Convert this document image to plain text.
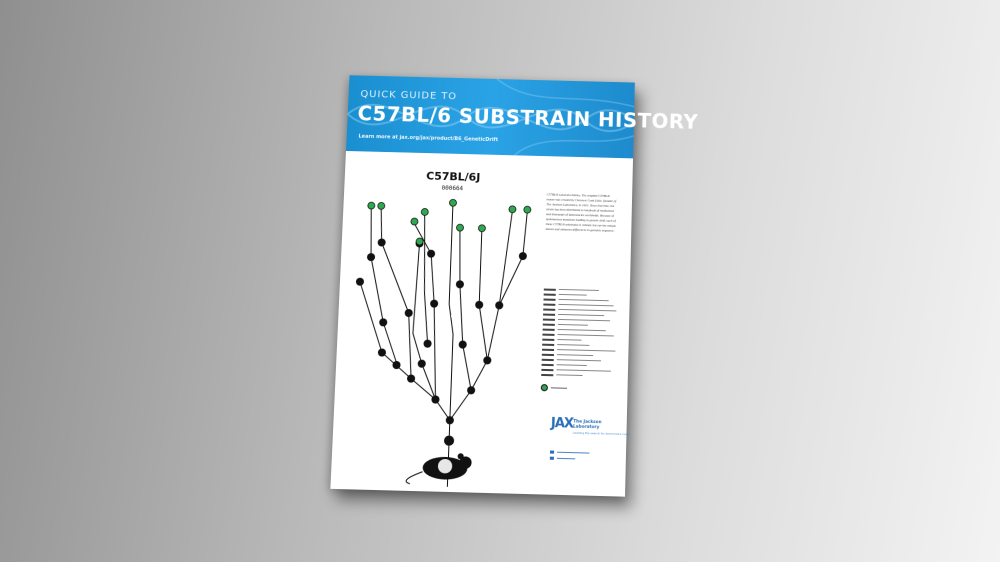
QUICK GUIDE TO
C57BL/6 SUBSTRAIN HISTORY
Learn more at jax.org/jax/product/B6_GeneticDrift
C57BL/6J
000664
C57BL/6 substrain history. The original C57BL/6 mouse was created by Clarence Cook Little, founder of The Jackson Laboratory, in 1921. Since that time, the strain has been distributed to hundreds of institutions and thousands of laboratories worldwide. Because of spontaneous mutations leading to genetic drift, each of these C57BL/6 substrains is related, but carries unique known and unknown differences in genomic sequence.
JAX The Jackson
Laboratory
Leading the search for tomorrow's cures
